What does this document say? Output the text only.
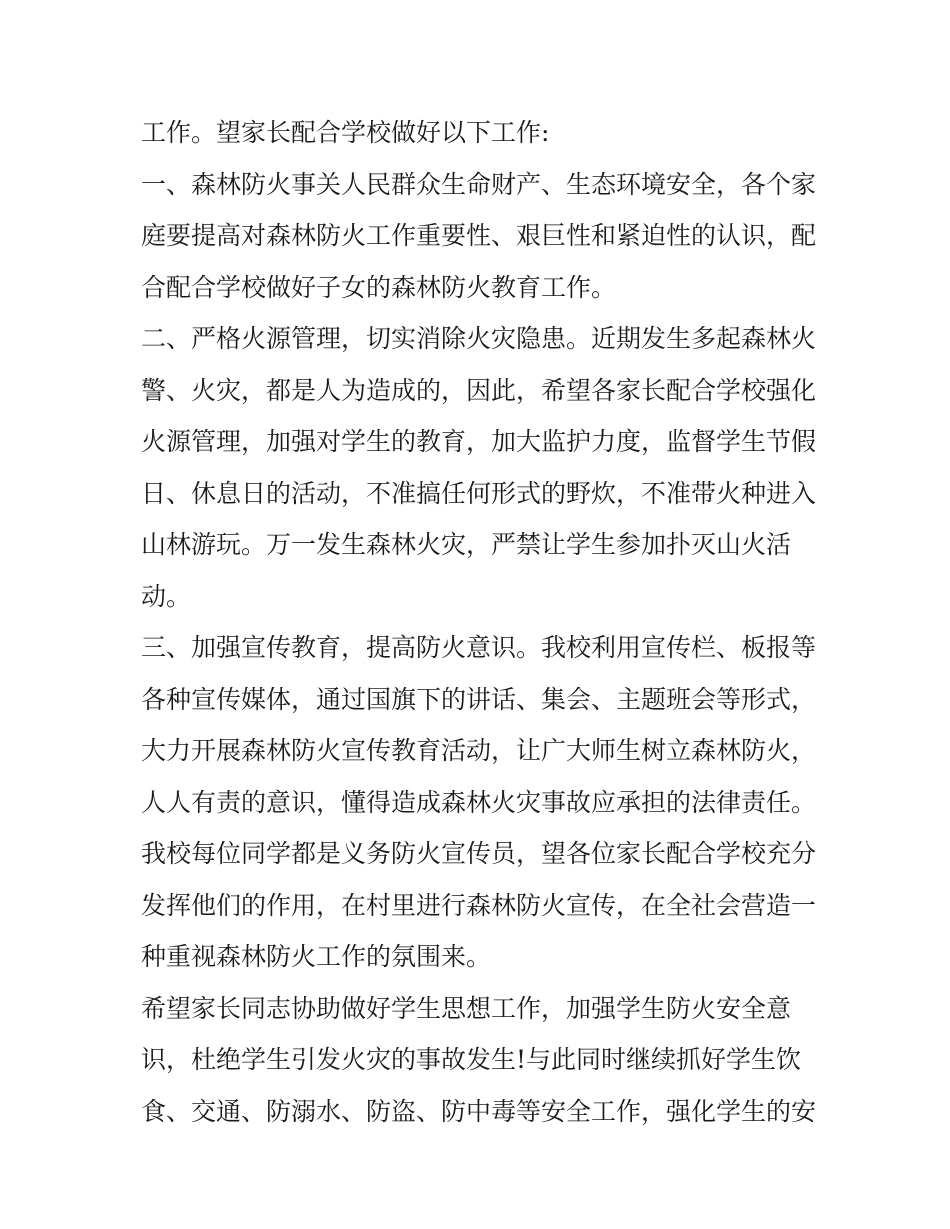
工作。望家长配合学校做好以下工作:
一、森林防火事关人民群众生命财产、生态环境安全，各个家
庭要提高对森林防火工作重要性、艰巨性和紧迫性的认识，配
合配合学校做好子女的森林防火教育工作。
二、严格火源管理，切实消除火灾隐患。近期发生多起森林火
警、火灾，都是人为造成的，因此，希望各家长配合学校强化
火源管理，加强对学生的教育，加大监护力度，监督学生节假
日、休息日的活动，不准搞任何形式的野炊，不准带火种进入
山林游玩。万一发生森林火灾，严禁让学生参加扑灭山火活
动。
三、加强宣传教育，提高防火意识。我校利用宣传栏、板报等
各种宣传媒体，通过国旗下的讲话、集会、主题班会等形式，
大力开展森林防火宣传教育活动，让广大师生树立森林防火，
人人有责的意识，懂得造成森林火灾事故应承担的法律责任。
我校每位同学都是义务防火宣传员，望各位家长配合学校充分
发挥他们的作用，在村里进行森林防火宣传，在全社会营造一
种重视森林防火工作的氛围来。
希望家长同志协助做好学生思想工作，加强学生防火安全意
识，杜绝学生引发火灾的事故发生!与此同时继续抓好学生饮
食、交通、防溺水、防盗、防中毒等安全工作，强化学生的安
